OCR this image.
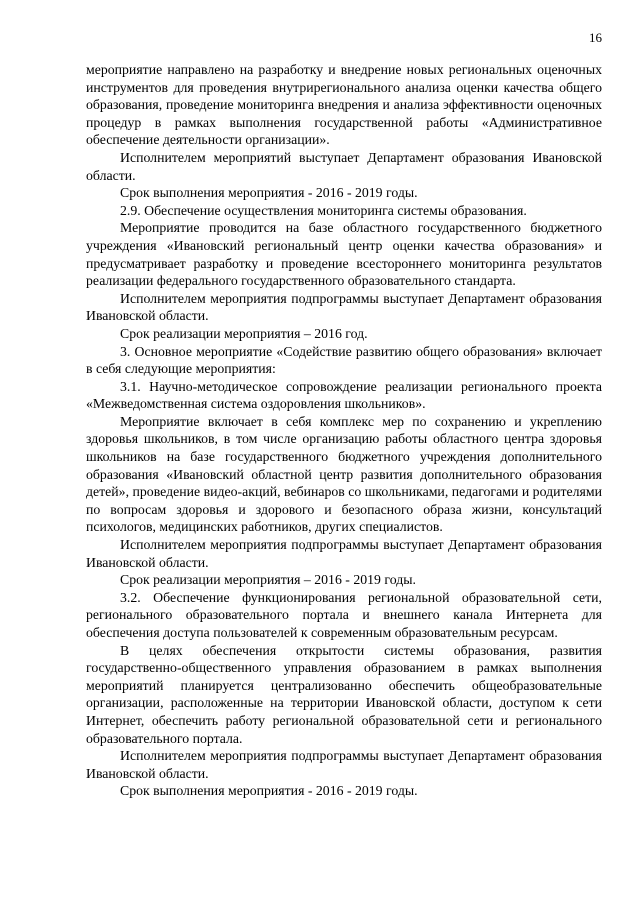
16

мероприятие направлено на разработку и внедрение новых региональных оценочных инструментов для проведения внутрирегионального анализа оценки качества общего образования, проведение мониторинга внедрения и анализа эффективности оценочных процедур в рамках выполнения государственной работы «Административное обеспечение деятельности организации».

Исполнителем мероприятий выступает Департамент образования Ивановской области.

Срок выполнения мероприятия - 2016 - 2019 годы.

2.9. Обеспечение осуществления мониторинга системы образования.

Мероприятие проводится на базе областного государственного бюджетного учреждения «Ивановский региональный центр оценки качества образования» и предусматривает разработку и проведение всестороннего мониторинга результатов реализации федерального государственного образовательного стандарта.

Исполнителем мероприятия подпрограммы выступает Департамент образования Ивановской области.

Срок реализации мероприятия – 2016 год.

3. Основное мероприятие «Содействие развитию общего образования» включает в себя следующие мероприятия:

3.1. Научно-методическое сопровождение реализации регионального проекта «Межведомственная система оздоровления школьников».

Мероприятие включает в себя комплекс мер по сохранению и укреплению здоровья школьников, в том числе организацию работы областного центра здоровья школьников на базе государственного бюджетного учреждения дополнительного образования «Ивановский областной центр развития дополнительного образования детей», проведение видео-акций, вебинаров со школьниками, педагогами и родителями по вопросам здоровья и здорового и безопасного образа жизни, консультаций психологов, медицинских работников, других специалистов.

Исполнителем мероприятия подпрограммы выступает Департамент образования Ивановской области.

Срок реализации мероприятия – 2016 - 2019 годы.

3.2. Обеспечение функционирования региональной образовательной сети, регионального образовательного портала и внешнего канала Интернета для обеспечения доступа пользователей к современным образовательным ресурсам.

В целях обеспечения открытости системы образования, развития государственно-общественного управления образованием в рамках выполнения мероприятий планируется централизованно обеспечить общеобразовательные организации, расположенные на территории Ивановской области, доступом к сети Интернет, обеспечить работу региональной образовательной сети и регионального образовательного портала.

Исполнителем мероприятия подпрограммы выступает Департамент образования Ивановской области.

Срок выполнения мероприятия - 2016 - 2019 годы.
